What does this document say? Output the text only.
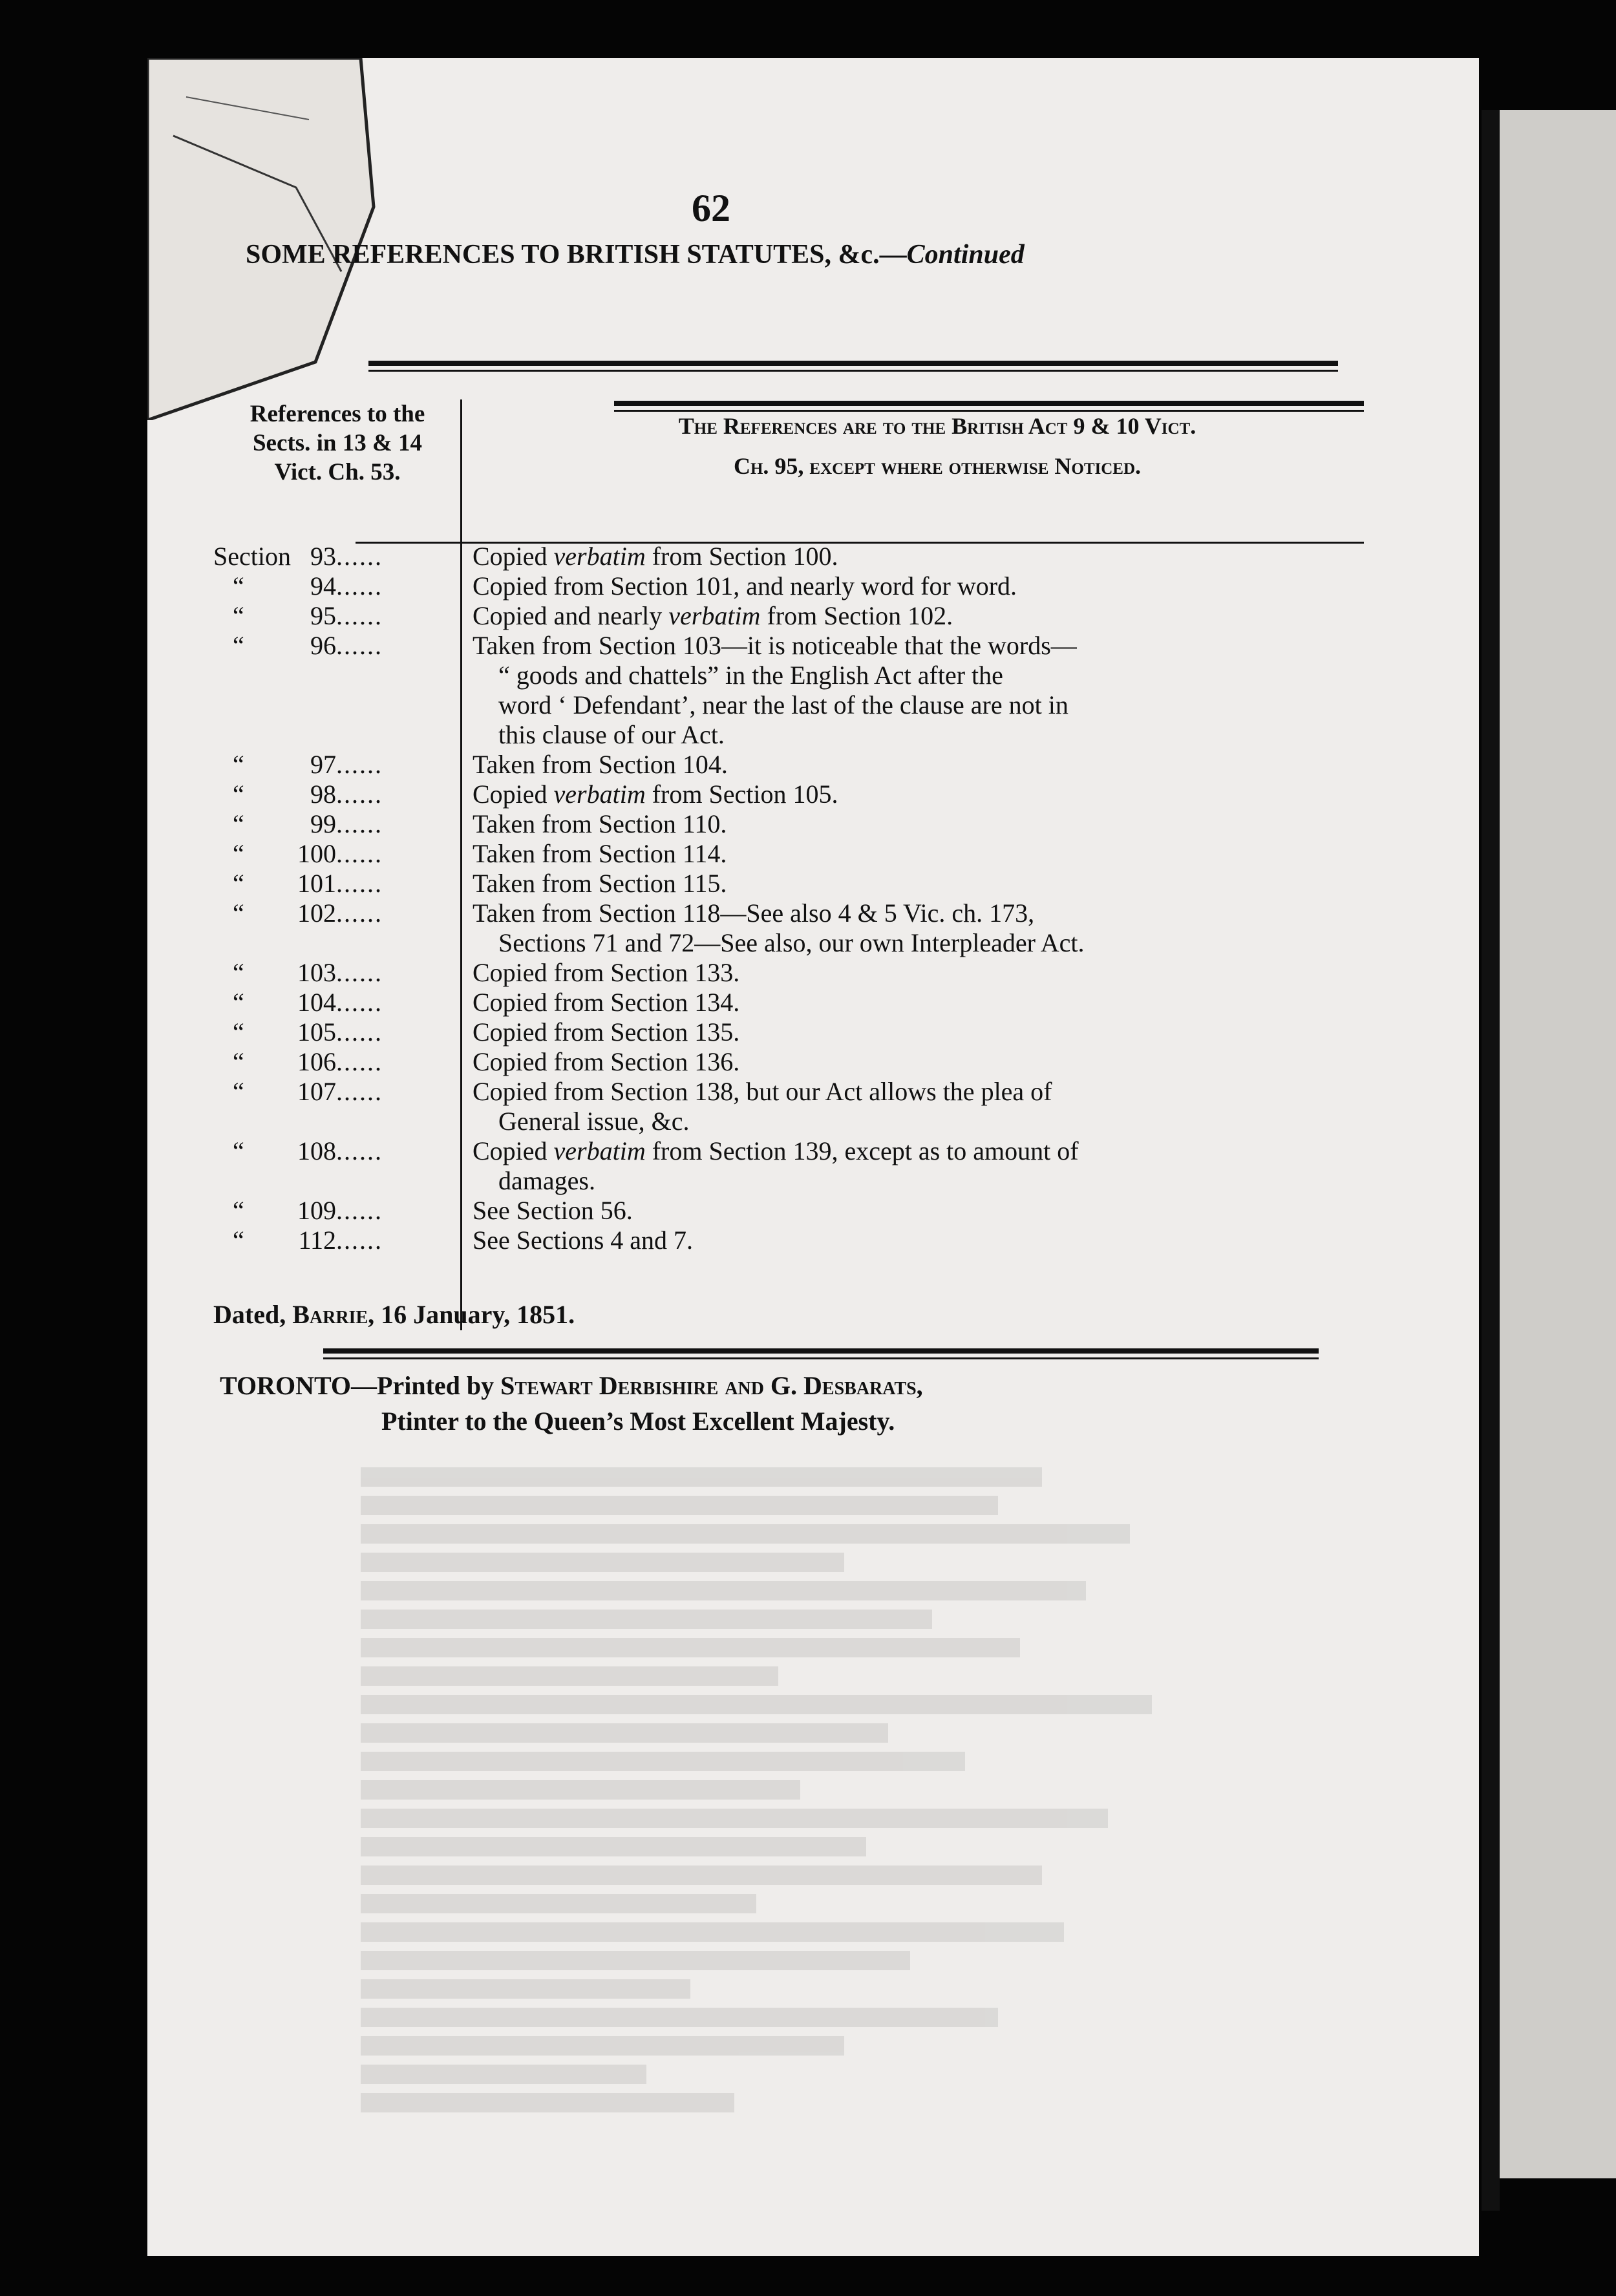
62
SOME REFERENCES TO BRITISH STATUTES, &c.—Continued
References to the
Sects. in 13 & 14
Vict. Ch. 53.
The References are to the British Act 9 & 10 Vict.
Ch. 95, except where otherwise Noticed.
Section 93......	Copied verbatim from Section 100.
“	94......	Copied from Section 101, and nearly word for word.
“	95......	Copied and nearly verbatim from Section 102.
“	96......	Taken from Section 103—it is noticeable that the words—
“ goods and chattels” in the English Act after the
word ‘ Defendant’, near the last of the clause are not in
this clause of our Act.
“	97......	Taken from Section 104.
“	98......	Copied verbatim from Section 105.
“	99......	Taken from Section 110.
“ 100......	Taken from Section 114.
“ 101......	Taken from Section 115.
“ 102......	Taken from Section 118—See also 4 & 5 Vic. ch. 173,
Sections 71 and 72—See also, our own Interpleader Act.
“ 103......	Copied from Section 133.
“ 104......	Copied from Section 134.
“ 105......	Copied from Section 135.
“ 106......	Copied from Section 136.
“ 107......	Copied from Section 138, but our Act allows the plea of
General issue, &c.
“ 108......	Copied verbatim from Section 139, except as to amount of
damages.
“ 109......	See Section 56.
“ 112......	See Sections 4 and 7.
Dated, Barrie, 16 January, 1851.
TORONTO—Printed by Stewart Derbishire and G. Desbarats,
Ptinter to the Queen’s Most Excellent Majesty.
